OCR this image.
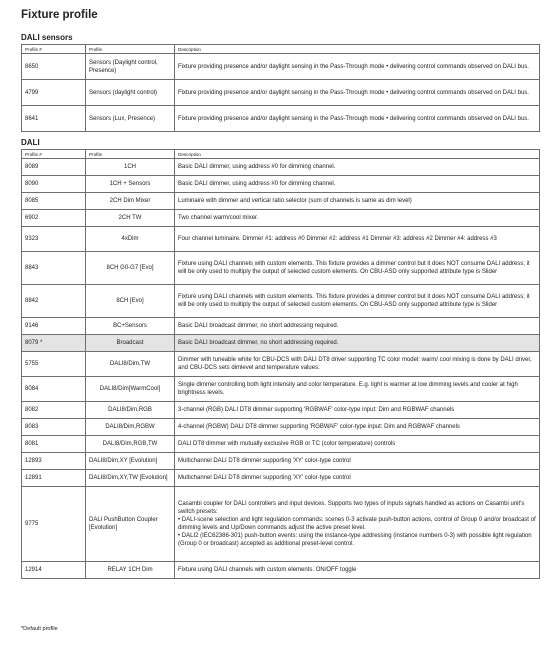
Fixture profile
DALI sensors
Profile #	Profile	Description
8650	Sensors (Daylight control, Presence)	Fixture providing presence and/or daylight sensing in the Pass-Through mode • delivering control commands observed on DALI bus.
4799	Sensors (daylight control)	Fixture providing presence and/or daylight sensing in the Pass-Through mode • delivering control commands observed on DALI bus.
8641	Sensors (Lux, Presence)	Fixture providing presence and/or daylight sensing in the Pass-Through mode • delivering control commands observed on DALI bus.
DALI
Profile #	Profile	Description
8089	1CH	Basic DALI dimmer, using address #0 for dimming channel.
8090	1CH + Sensors	Basic DALI dimmer, using address #0 for dimming channel.
8085	2CH Dim Mixer	Luminaire with dimmer and vertical ratio selector (sum of channels is same as dim level)
6902	2CH TW	Two channel warm/cool mixer.
9323	4xDim	Four channel luminaire. Dimmer #1: address #0 Dimmer #2: address #1 Dimmer #3: address #2 Dimmer #4: address #3
8843	8CH G0-G7 [Evo]	Fixture using DALI channels with custom elements. This fixture provides a dimmer control but it does NOT consume DALI address; it will be only used to multiply the output of selected custom elements. On CBU-ASD only supported attribute type is Slider
8842	8CH [Evo]	Fixture using DALI channels with custom elements. This fixture provides a dimmer control but it does NOT consume DALI address; it will be only used to multiply the output of selected custom elements. On CBU-ASD only supported attribute type is Slider
9146	BC+Sensors	Basic DALI broadcast dimmer, no short addressing required.
8079 *	Broadcast	Basic DALI broadcast dimmer, no short addressing required.
5755	DALI8/Dim,TW	Dimmer with tuneable white for CBU-DCS with DALI DT8 driver supporting TC color model: warm/ cool mixing is done by DALI driver, and CBU-DCS sets dimlevel and temperature values.
8084	DALI8/Dim[WarmCool]	Single dimmer controlling both light intensity and color temperature. E.g. light is warmer at low dimming levels and cooler at high brightness levels.
8082	DALI8/Dim,RGB	3-channel (RGB) DALI DT8 dimmer supporting 'RGBWAF' color-type input: Dim and RGBWAF channels
8083	DALI8/Dim,RGBW	4-channel (RGBW) DALI DT8 dimmer supporting 'RGBWAF' color-type input: Dim and RGBWAF channels
8081	DALI8/Dim,RGB,TW	DALI DT8 dimmer with mutually exclusive RGB or TC (color temperature) controls
12893	DALI8/Dim,XY [Evolution]	Multichannel DALI DT8 dimmer supporting 'XY' color-type control
12891	DALI8/Dim,XY,TW [Evolution]	Multichannel DALI DT8 dimmer supporting 'XY' color-type control
9775	DALI PushButton Coupler [Evolution]	Casambi coupler for DALI controllers and input devices. Supports two types of inputs signals handled as actions on Casambi unit's switch presets:
• DALI-scene selection and light regulation commands: scenes 0-3 activate push-button actions, control of Group 0 and/or broadcast of dimming levels and Up/Down commands adjust the active preset level.
• DALI2 (IEC62386-301) push-button events: using the instance-type addressing (instance numbers 0-3) with possible light regulation (Group 0 or broadcast) accepted as additional preset-level control.

12914	RELAY 1CH Dim	Fixture using DALI channels with custom elements. ON/OFF toggle
*Default profile
